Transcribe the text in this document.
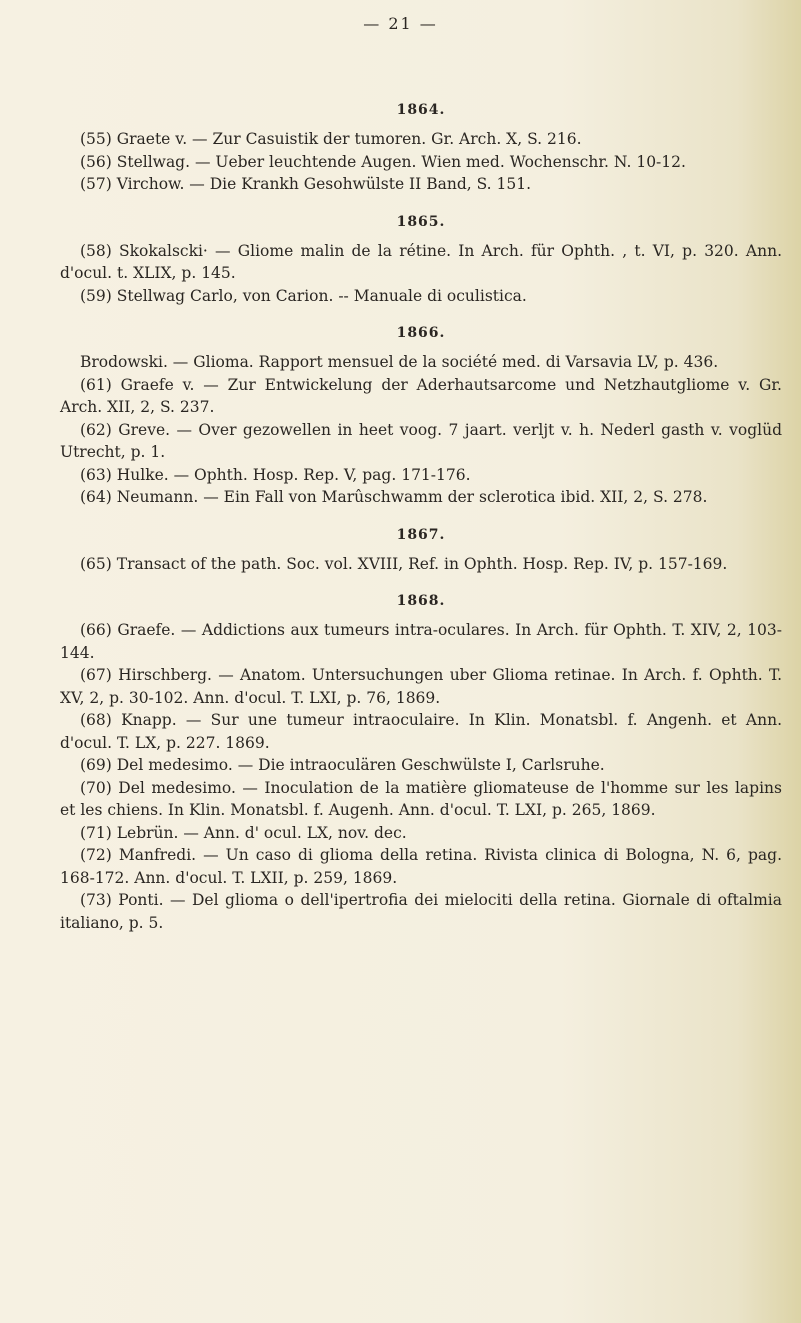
— 21 —
1864.

(55) Graete v. — Zur Casuistik der tumoren. Gr. Arch. X, S. 216.

(56) Stellwag. — Ueber leuchtende Augen. Wien med. Wochenschr. N. 10-12.

(57) Virchow. — Die Krankh Gesohwülste II Band, S. 151.

1865.

(58) Skokalscki· — Gliome malin de la rétine. In Arch. für Ophth. , t. VI, p. 320. Ann. d'ocul. t. XLIX, p. 145.

(59) Stellwag Carlo, von Carion. -- Manuale di oculistica.

1866.

Brodowski. — Glioma. Rapport mensuel de la société med. di Varsavia LV, p. 436.

(61) Graefe v. — Zur Entwickelung der Aderhautsarcome und Netzhautgliome v. Gr. Arch. XII, 2, S. 237.

(62) Greve. — Over gezowellen in heet voog. 7 jaart. verljt v. h. Nederl gasth v. voglüd Utrecht, p. 1.

(63) Hulke. — Ophth. Hosp. Rep. V, pag. 171-176.

(64) Neumann. — Ein Fall von Marûschwamm der sclerotica ibid. XII, 2, S. 278.

1867.

(65) Transact of the path. Soc. vol. XVIII, Ref. in Ophth. Hosp. Rep. IV, p. 157-169.

1868.

(66) Graefe. — Addictions aux tumeurs intra-oculares. In Arch. für Ophth. T. XIV, 2, 103-144.

(67) Hirschberg. — Anatom. Untersuchungen uber Glioma retinae. In Arch. f. Ophth. T. XV, 2, p. 30-102. Ann. d'ocul. T. LXI, p. 76, 1869.

(68) Knapp. — Sur une tumeur intraoculaire. In Klin. Monatsbl. f. Angenh. et Ann. d'ocul. T. LX, p. 227. 1869.

(69) Del medesimo. — Die intraoculären Geschwülste I, Carlsruhe.

(70) Del medesimo. — Inoculation de la matière gliomateuse de l'homme sur les lapins et les chiens. In Klin. Monatsbl. f. Augenh. Ann. d'ocul. T. LXI, p. 265, 1869.

(71) Lebrün. — Ann. d' ocul. LX, nov. dec.

(72) Manfredi. — Un caso di glioma della retina. Rivista clinica di Bologna, N. 6, pag. 168-172. Ann. d'ocul. T. LXII, p. 259, 1869.

(73) Ponti. — Del glioma o dell'ipertrofia dei mielociti della retina. Giornale di oftalmia italiano, p. 5.
